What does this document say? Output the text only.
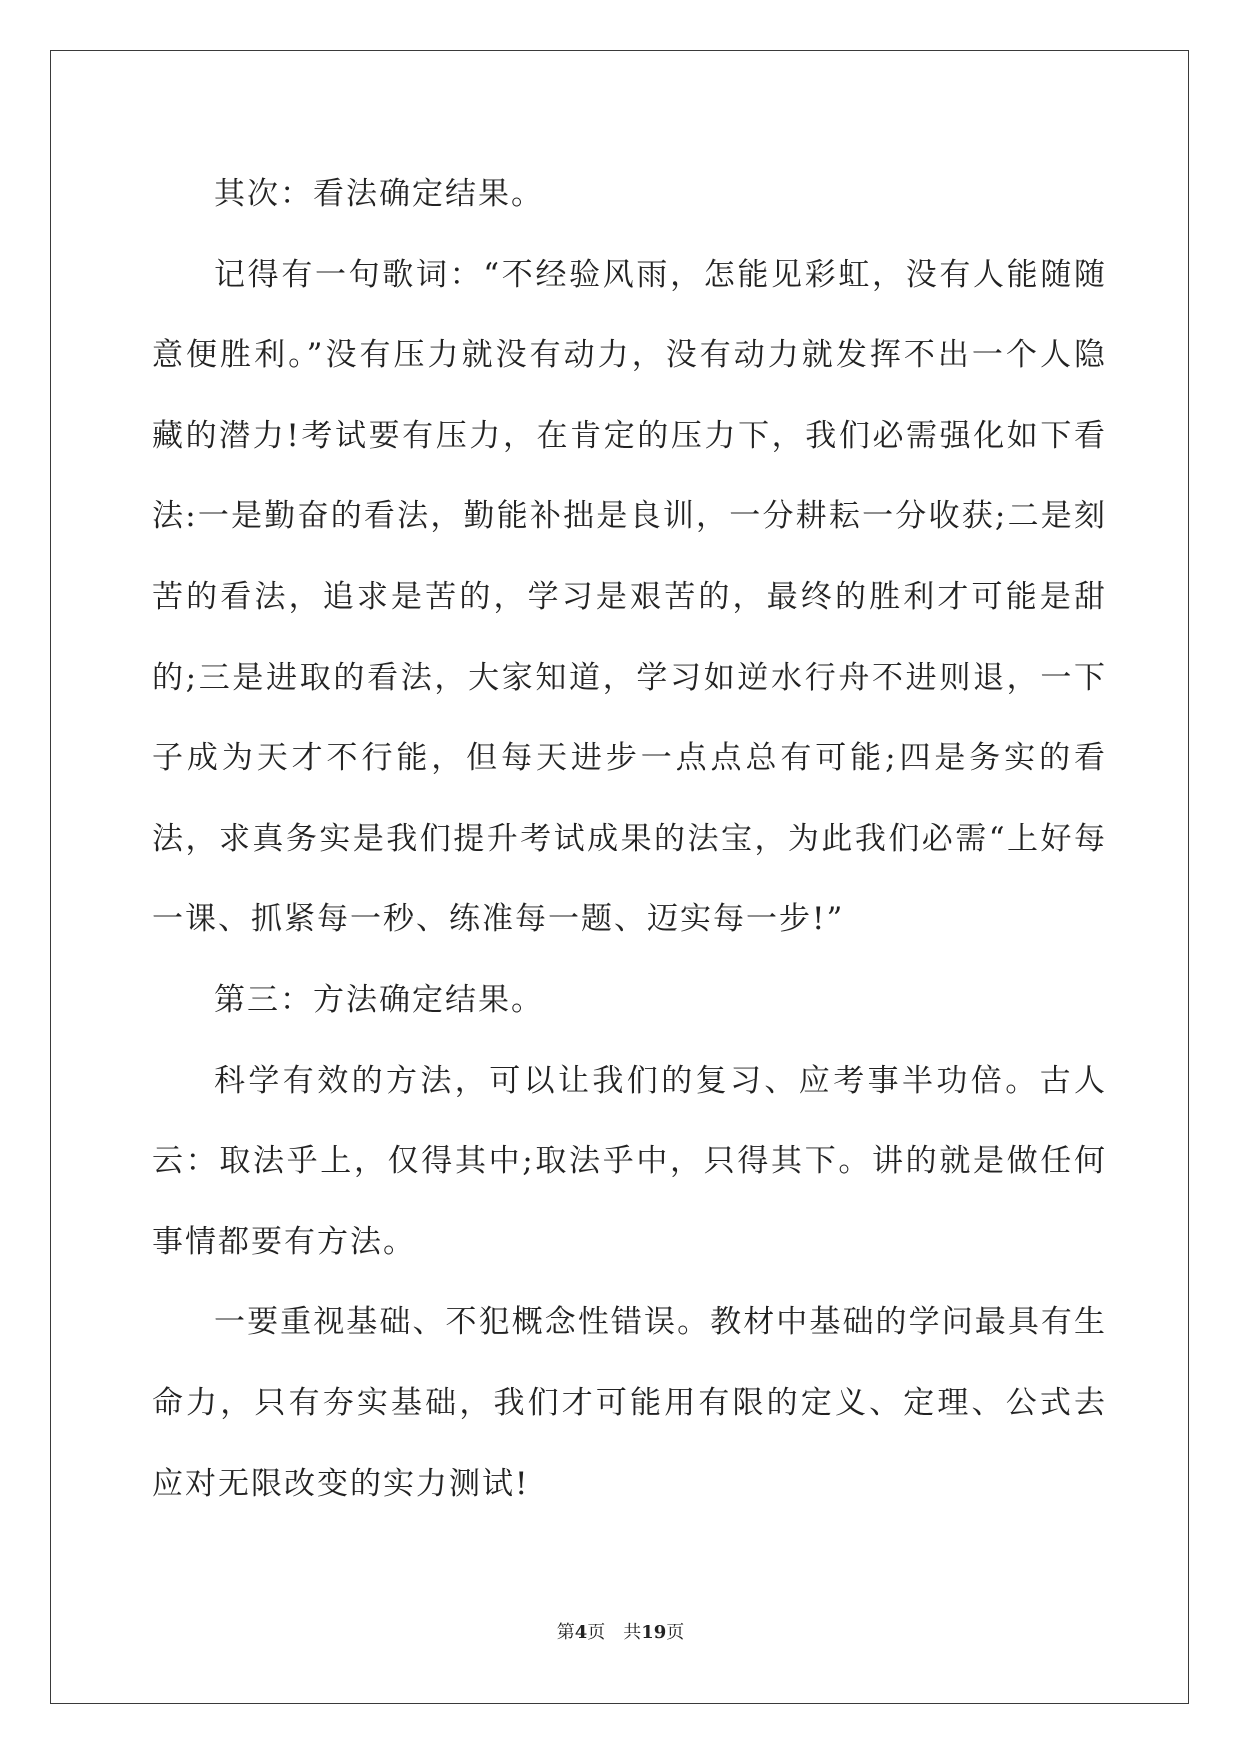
其次：看法确定结果。

记得有一句歌词：“不经验风雨，怎能见彩虹，没有人能随随意便胜利。”没有压力就没有动力，没有动力就发挥不出一个人隐藏的潜力!考试要有压力，在肯定的压力下，我们必需强化如下看法:一是勤奋的看法，勤能补拙是良训，一分耕耘一分收获;二是刻苦的看法，追求是苦的，学习是艰苦的，最终的胜利才可能是甜的;三是进取的看法，大家知道，学习如逆水行舟不进则退，一下子成为天才不行能，但每天进步一点点总有可能;四是务实的看法，求真务实是我们提升考试成果的法宝，为此我们必需“上好每一课、抓紧每一秒、练准每一题、迈实每一步!”

第三：方法确定结果。

科学有效的方法，可以让我们的复习、应考事半功倍。古人云：取法乎上，仅得其中;取法乎中，只得其下。讲的就是做任何事情都要有方法。

一要重视基础、不犯概念性错误。教材中基础的学问最具有生命力，只有夯实基础，我们才可能用有限的定义、定理、公式去应对无限改变的实力测试!

第4页 共19页
